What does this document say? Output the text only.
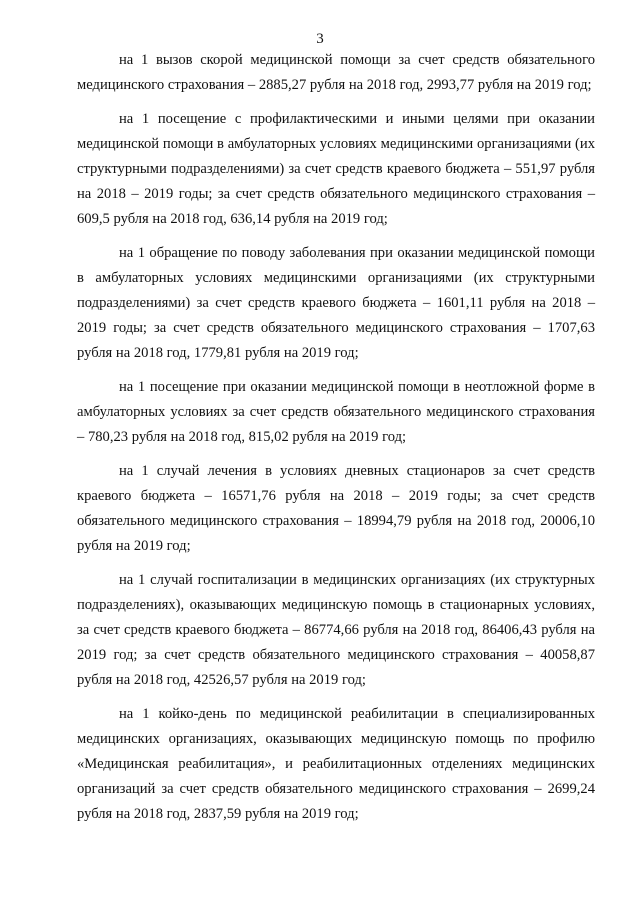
3

на 1 вызов скорой медицинской помощи за счет средств обязательного медицинского страхования – 2885,27 рубля на 2018 год, 2993,77 рубля на 2019 год;

на 1 посещение с профилактическими и иными целями при оказании медицинской помощи в амбулаторных условиях медицинскими организациями (их структурными подразделениями) за счет средств краевого бюджета – 551,97 рубля на 2018 – 2019 годы; за счет средств обязательного медицинского страхования – 609,5 рубля на 2018 год, 636,14 рубля на 2019 год;

на 1 обращение по поводу заболевания при оказании медицинской помощи в амбулаторных условиях медицинскими организациями (их структурными подразделениями) за счет средств краевого бюджета – 1601,11 рубля на 2018 – 2019 годы; за счет средств обязательного медицинского страхования – 1707,63 рубля на 2018 год, 1779,81 рубля на 2019 год;

на 1 посещение при оказании медицинской помощи в неотложной форме в амбулаторных условиях за счет средств обязательного медицинского страхования – 780,23 рубля на 2018 год, 815,02 рубля на 2019 год;

на 1 случай лечения в условиях дневных стационаров за счет средств краевого бюджета – 16571,76 рубля на 2018 – 2019 годы; за счет средств обязательного медицинского страхования – 18994,79 рубля на 2018 год, 20006,10 рубля на 2019 год;

на 1 случай госпитализации в медицинских организациях (их структурных подразделениях), оказывающих медицинскую помощь в стационарных условиях, за счет средств краевого бюджета – 86774,66 рубля на 2018 год, 86406,43 рубля на 2019 год; за счет средств обязательного медицинского страхования – 40058,87 рубля на 2018 год, 42526,57 рубля на 2019 год;

на 1 койко-день по медицинской реабилитации в специализированных медицинских организациях, оказывающих медицинскую помощь по профилю «Медицинская реабилитация», и реабилитационных отделениях медицинских организаций за счет средств обязательного медицинского страхования – 2699,24 рубля на 2018 год, 2837,59 рубля на 2019 год;
